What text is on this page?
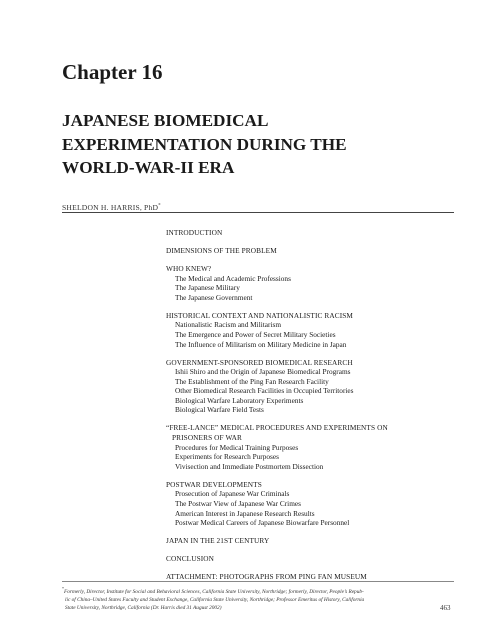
Chapter 16
JAPANESE BIOMEDICAL
EXPERIMENTATION DURING THE
WORLD-WAR-II ERA
SHELDON H. HARRIS, PhD*
INTRODUCTION
DIMENSIONS OF THE PROBLEM
WHO KNEW?
The Medical and Academic Professions
The Japanese Military
The Japanese Government
HISTORICAL CONTEXT AND NATIONALISTIC RACISM
Nationalistic Racism and Militarism
The Emergence and Power of Secret Military Societies
The Influence of Militarism on Military Medicine in Japan
GOVERNMENT-SPONSORED BIOMEDICAL RESEARCH
Ishii Shiro and the Origin of Japanese Biomedical Programs
The Establishment of the Ping Fan Research Facility
Other Biomedical Research Facilities in Occupied Territories
Biological Warfare Laboratory Experiments
Biological Warfare Field Tests
“FREE-LANCE” MEDICAL PROCEDURES AND EXPERIMENTS ON
PRISONERS OF WAR
Procedures for Medical Training Purposes
Experiments for Research Purposes
Vivisection and Immediate Postmortem Dissection
POSTWAR DEVELOPMENTS
Prosecution of Japanese War Criminals
The Postwar View of Japanese War Crimes
American Interest in Japanese Research Results
Postwar Medical Careers of Japanese Biowarfare Personnel
JAPAN IN THE 21ST CENTURY
CONCLUSION
ATTACHMENT: PHOTOGRAPHS FROM PING FAN MUSEUM
*Formerly, Director, Institute for Social and Behavioral Sciences, California State University, Northridge; formerly, Director, People’s Repub-
lic of China–United States Faculty and Student Exchange, California State University, Northridge; Professor Emeritus of History, California
State University, Northridge, California (Dr. Harris died 31 August 2002)	463
